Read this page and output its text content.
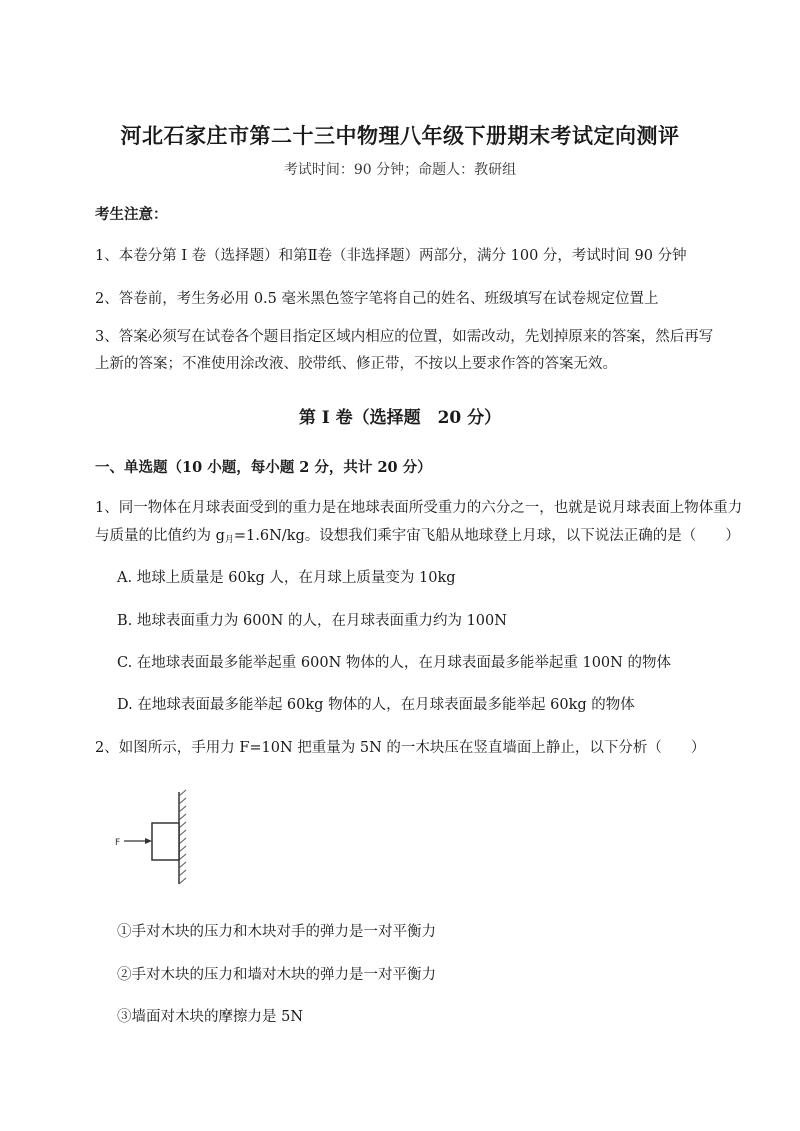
河北石家庄市第二十三中物理八年级下册期末考试定向测评
考试时间：90 分钟；命题人：教研组
考生注意：
1、本卷分第 I 卷（选择题）和第Ⅱ卷（非选择题）两部分，满分 100 分，考试时间 90 分钟
2、答卷前，考生务必用 0.5 毫米黑色签字笔将自己的姓名、班级填写在试卷规定位置上
3、答案必须写在试卷各个题目指定区域内相应的位置，如需改动，先划掉原来的答案，然后再写上新的答案；不准使用涂改液、胶带纸、修正带，不按以上要求作答的答案无效。
第 I 卷（选择题　20 分）
一、单选题（10 小题，每小题 2 分，共计 20 分）
1、同一物体在月球表面受到的重力是在地球表面所受重力的六分之一，也就是说月球表面上物体重力
与质量的比值约为 $g_月=1.6N/kg$。设想我们乘宇宙飞船从地球登上月球，以下说法正确的是（　　）
A. 地球上质量是 60kg 人，在月球上质量变为 10kg
B. 地球表面重力为 600N 的人，在月球表面重力约为 100N
C. 在地球表面最多能举起重 600N 物体的人，在月球表面最多能举起重 100N 的物体
D. 在地球表面最多能举起 60kg 物体的人，在月球表面最多能举起 60kg 的物体
2、如图所示，手用力 F=10N 把重量为 5N 的一木块压在竖直墙面上静止，以下分析（　　）
F
①手对木块的压力和木块对手的弹力是一对平衡力
②手对木块的压力和墙对木块的弹力是一对平衡力
③墙面对木块的摩擦力是 5N
